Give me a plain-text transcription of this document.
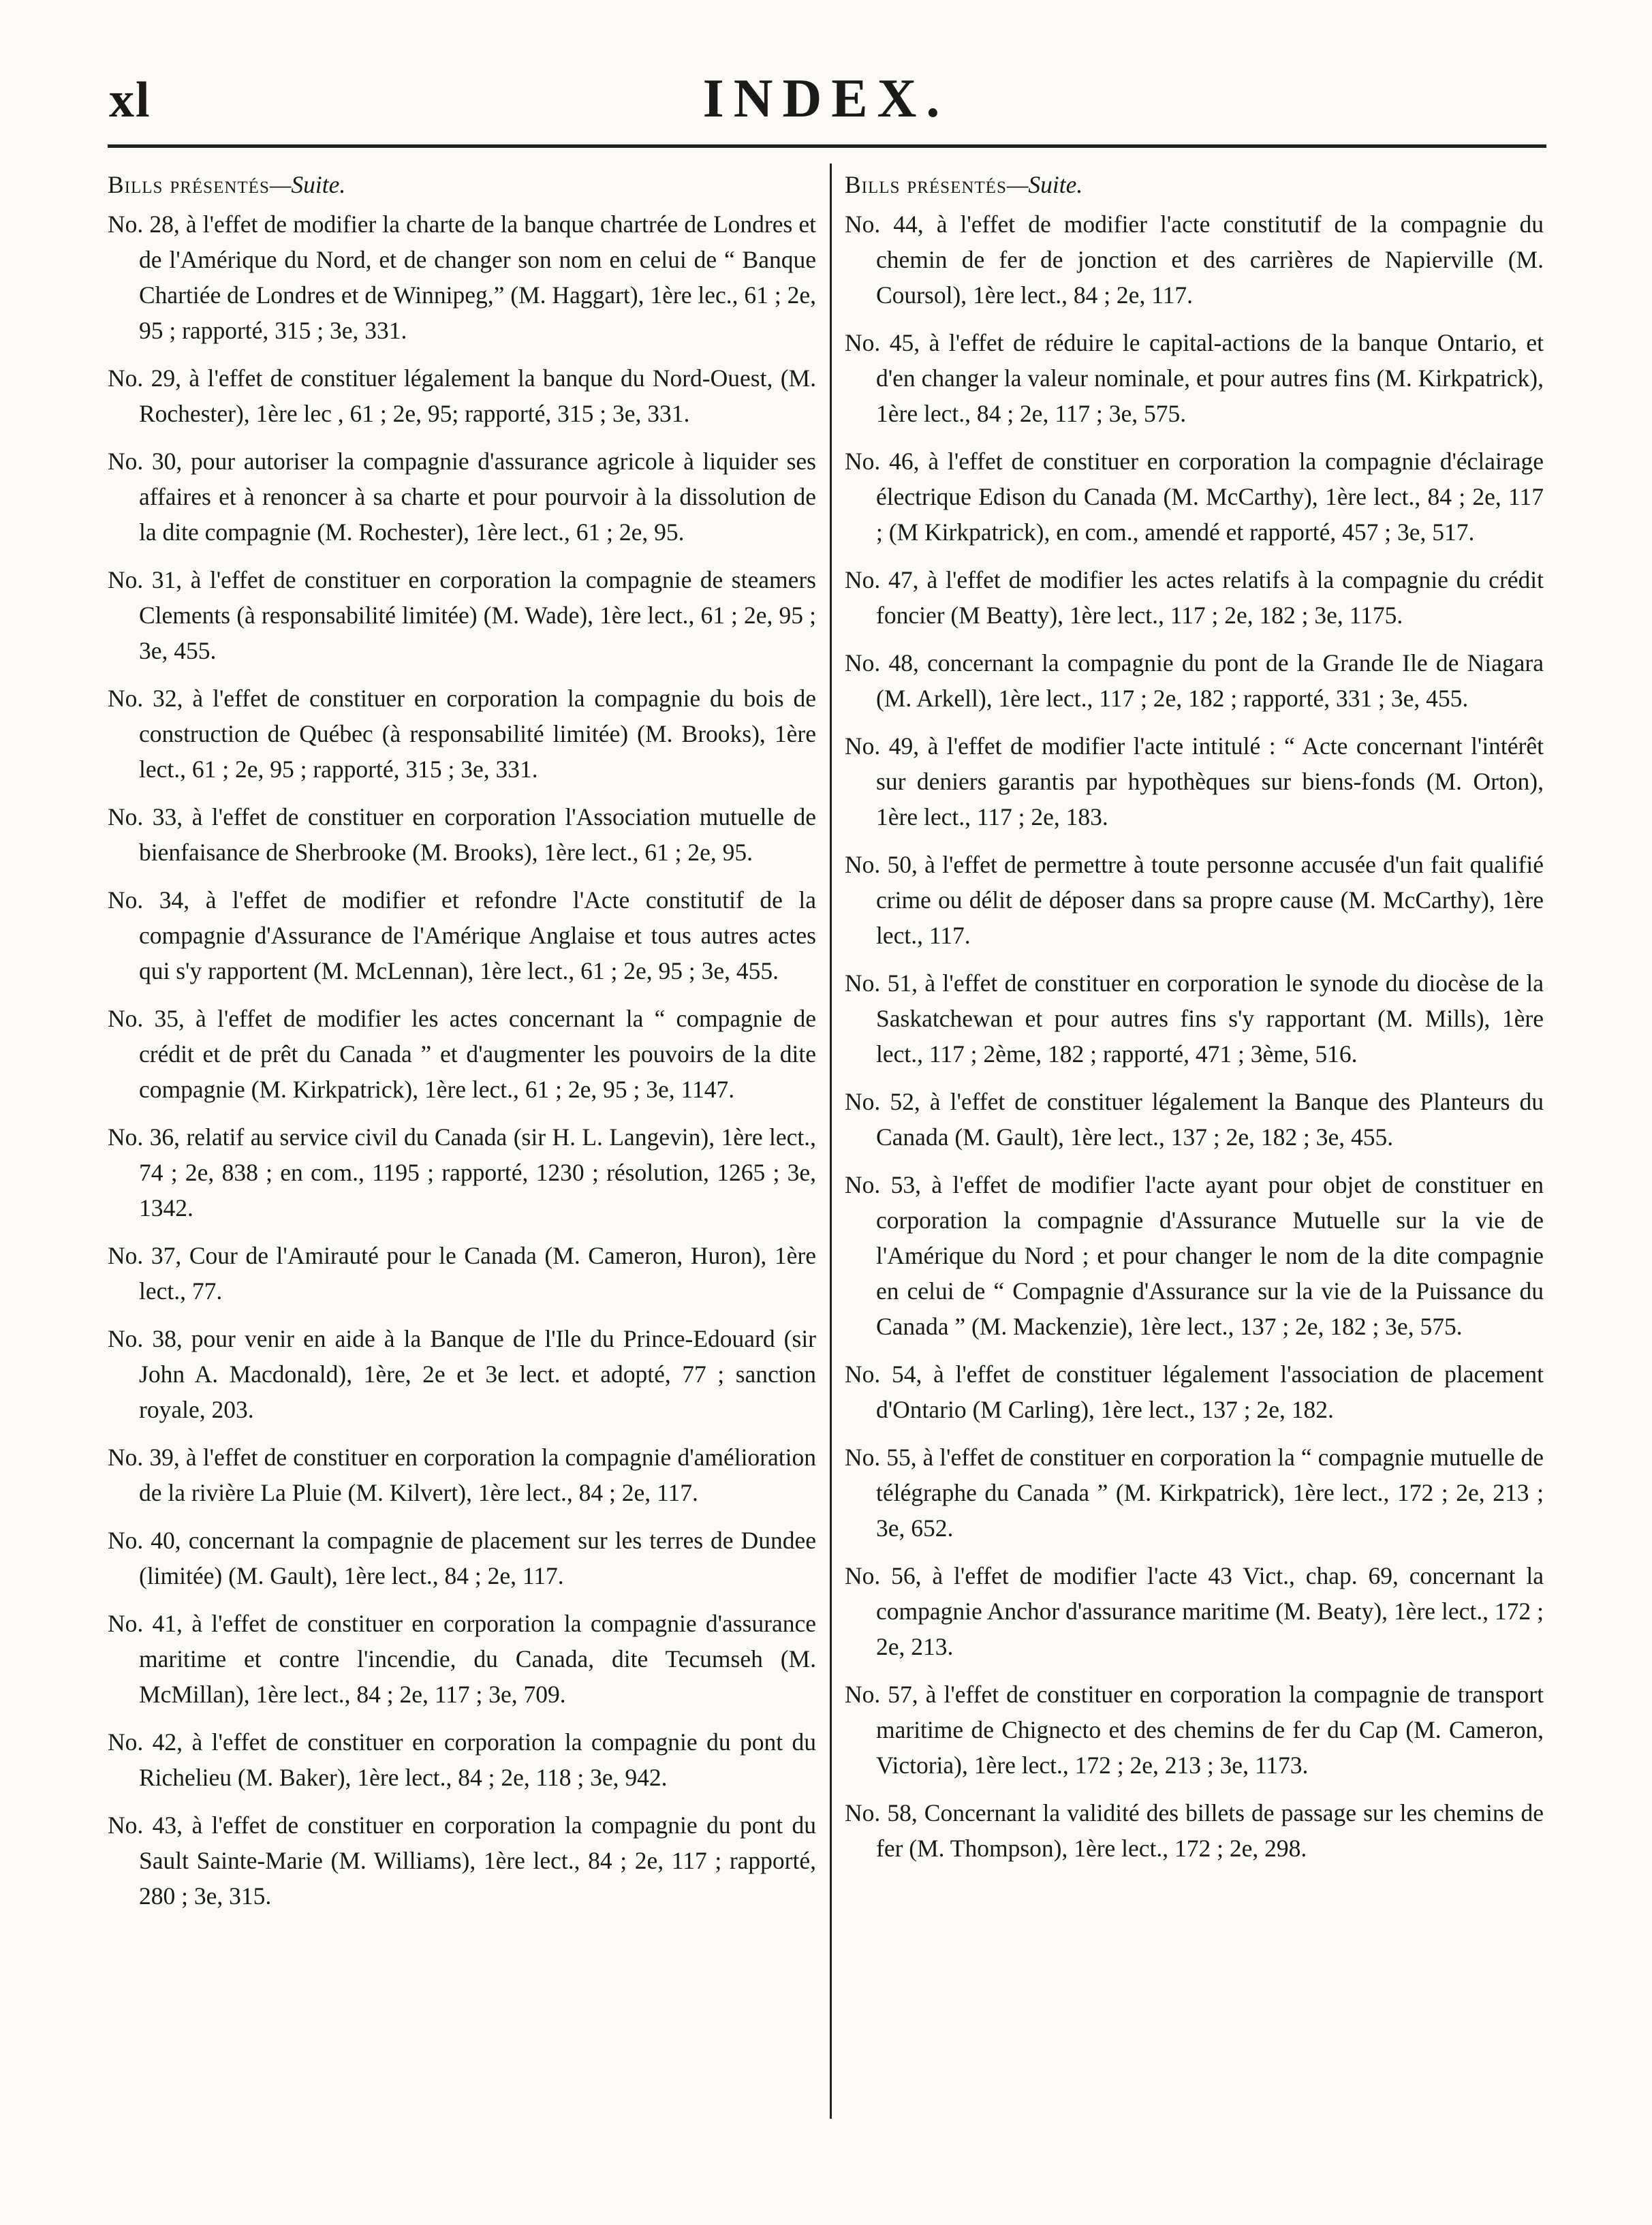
xl	INDEX.
Bills présentés—Suite.

No. 28, à l'effet de modifier la charte de la banque chartrée de Londres et de l'Amérique du Nord, et de changer son nom en celui de “ Banque Chartiée de Londres et de Winnipeg,” (M. Haggart), 1ère lec., 61 ; 2e, 95 ; rapporté, 315 ; 3e, 331.

No. 29, à l'effet de constituer légalement la banque du Nord-Ouest, (M. Rochester), 1ère lec , 61 ; 2e, 95; rapporté, 315 ; 3e, 331.

No. 30, pour autoriser la compagnie d'assurance agricole à liquider ses affaires et à renoncer à sa charte et pour pourvoir à la dissolution de la dite compagnie (M. Rochester), 1ère lect., 61 ; 2e, 95.

No. 31, à l'effet de constituer en corporation la compagnie de steamers Clements (à responsabilité limitée) (M. Wade), 1ère lect., 61 ; 2e, 95 ; 3e, 455.

No. 32, à l'effet de constituer en corporation la compagnie du bois de construction de Québec (à responsabilité limitée) (M. Brooks), 1ère lect., 61 ; 2e, 95 ; rapporté, 315 ; 3e, 331.

No. 33, à l'effet de constituer en corporation l'Association mutuelle de bienfaisance de Sherbrooke (M. Brooks), 1ère lect., 61 ; 2e, 95.

No. 34, à l'effet de modifier et refondre l'Acte constitutif de la compagnie d'Assurance de l'Amérique Anglaise et tous autres actes qui s'y rapportent (M. McLennan), 1ère lect., 61 ; 2e, 95 ; 3e, 455.

No. 35, à l'effet de modifier les actes concernant la “ compagnie de crédit et de prêt du Canada ” et d'augmenter les pouvoirs de la dite compagnie (M. Kirkpatrick), 1ère lect., 61 ; 2e, 95 ; 3e, 1147.

No. 36, relatif au service civil du Canada (sir H. L. Langevin), 1ère lect., 74 ; 2e, 838 ; en com., 1195 ; rapporté, 1230 ; résolution, 1265 ; 3e, 1342.

No. 37, Cour de l'Amirauté pour le Canada (M. Cameron, Huron), 1ère lect., 77.

No. 38, pour venir en aide à la Banque de l'Ile du Prince-Edouard (sir John A. Macdonald), 1ère, 2e et 3e lect. et adopté, 77 ; sanction royale, 203.

No. 39, à l'effet de constituer en corporation la compagnie d'amélioration de la rivière La Pluie (M. Kilvert), 1ère lect., 84 ; 2e, 117.

No. 40, concernant la compagnie de placement sur les terres de Dundee (limitée) (M. Gault), 1ère lect., 84 ; 2e, 117.

No. 41, à l'effet de constituer en corporation la compagnie d'assurance maritime et contre l'incendie, du Canada, dite Tecumseh (M. McMillan), 1ère lect., 84 ; 2e, 117 ; 3e, 709.

No. 42, à l'effet de constituer en corporation la compagnie du pont du Richelieu (M. Baker), 1ère lect., 84 ; 2e, 118 ; 3e, 942.

No. 43, à l'effet de constituer en corporation la compagnie du pont du Sault Sainte-Marie (M. Williams), 1ère lect., 84 ; 2e, 117 ; rapporté, 280 ; 3e, 315.

Bills présentés—Suite.

No. 44, à l'effet de modifier l'acte constitutif de la compagnie du chemin de fer de jonction et des carrières de Napierville (M. Coursol), 1ère lect., 84 ; 2e, 117.

No. 45, à l'effet de réduire le capital-actions de la banque Ontario, et d'en changer la valeur nominale, et pour autres fins (M. Kirkpatrick), 1ère lect., 84 ; 2e, 117 ; 3e, 575.

No. 46, à l'effet de constituer en corporation la compagnie d'éclairage électrique Edison du Canada (M. McCarthy), 1ère lect., 84 ; 2e, 117 ; (M Kirkpatrick), en com., amendé et rapporté, 457 ; 3e, 517.

No. 47, à l'effet de modifier les actes relatifs à la compagnie du crédit foncier (M Beatty), 1ère lect., 117 ; 2e, 182 ; 3e, 1175.

No. 48, concernant la compagnie du pont de la Grande Ile de Niagara (M. Arkell), 1ère lect., 117 ; 2e, 182 ; rapporté, 331 ; 3e, 455.

No. 49, à l'effet de modifier l'acte intitulé : “ Acte concernant l'intérêt sur deniers garantis par hypothèques sur biens-fonds (M. Orton), 1ère lect., 117 ; 2e, 183.

No. 50, à l'effet de permettre à toute personne accusée d'un fait qualifié crime ou délit de déposer dans sa propre cause (M. McCarthy), 1ère lect., 117.

No. 51, à l'effet de constituer en corporation le synode du diocèse de la Saskatchewan et pour autres fins s'y rapportant (M. Mills), 1ère lect., 117 ; 2ème, 182 ; rapporté, 471 ; 3ème, 516.

No. 52, à l'effet de constituer légalement la Banque des Planteurs du Canada (M. Gault), 1ère lect., 137 ; 2e, 182 ; 3e, 455.

No. 53, à l'effet de modifier l'acte ayant pour objet de constituer en corporation la compagnie d'Assurance Mutuelle sur la vie de l'Amérique du Nord ; et pour changer le nom de la dite compagnie en celui de “ Compagnie d'Assurance sur la vie de la Puissance du Canada ” (M. Mackenzie), 1ère lect., 137 ; 2e, 182 ; 3e, 575.

No. 54, à l'effet de constituer légalement l'association de placement d'Ontario (M Carling), 1ère lect., 137 ; 2e, 182.

No. 55, à l'effet de constituer en corporation la “ compagnie mutuelle de télégraphe du Canada ” (M. Kirkpatrick), 1ère lect., 172 ; 2e, 213 ; 3e, 652.

No. 56, à l'effet de modifier l'acte 43 Vict., chap. 69, concernant la compagnie Anchor d'assurance maritime (M. Beaty), 1ère lect., 172 ; 2e, 213.

No. 57, à l'effet de constituer en corporation la compagnie de transport maritime de Chignecto et des chemins de fer du Cap (M. Cameron, Victoria), 1ère lect., 172 ; 2e, 213 ; 3e, 1173.

No. 58, Concernant la validité des billets de passage sur les chemins de fer (M. Thompson), 1ère lect., 172 ; 2e, 298.
